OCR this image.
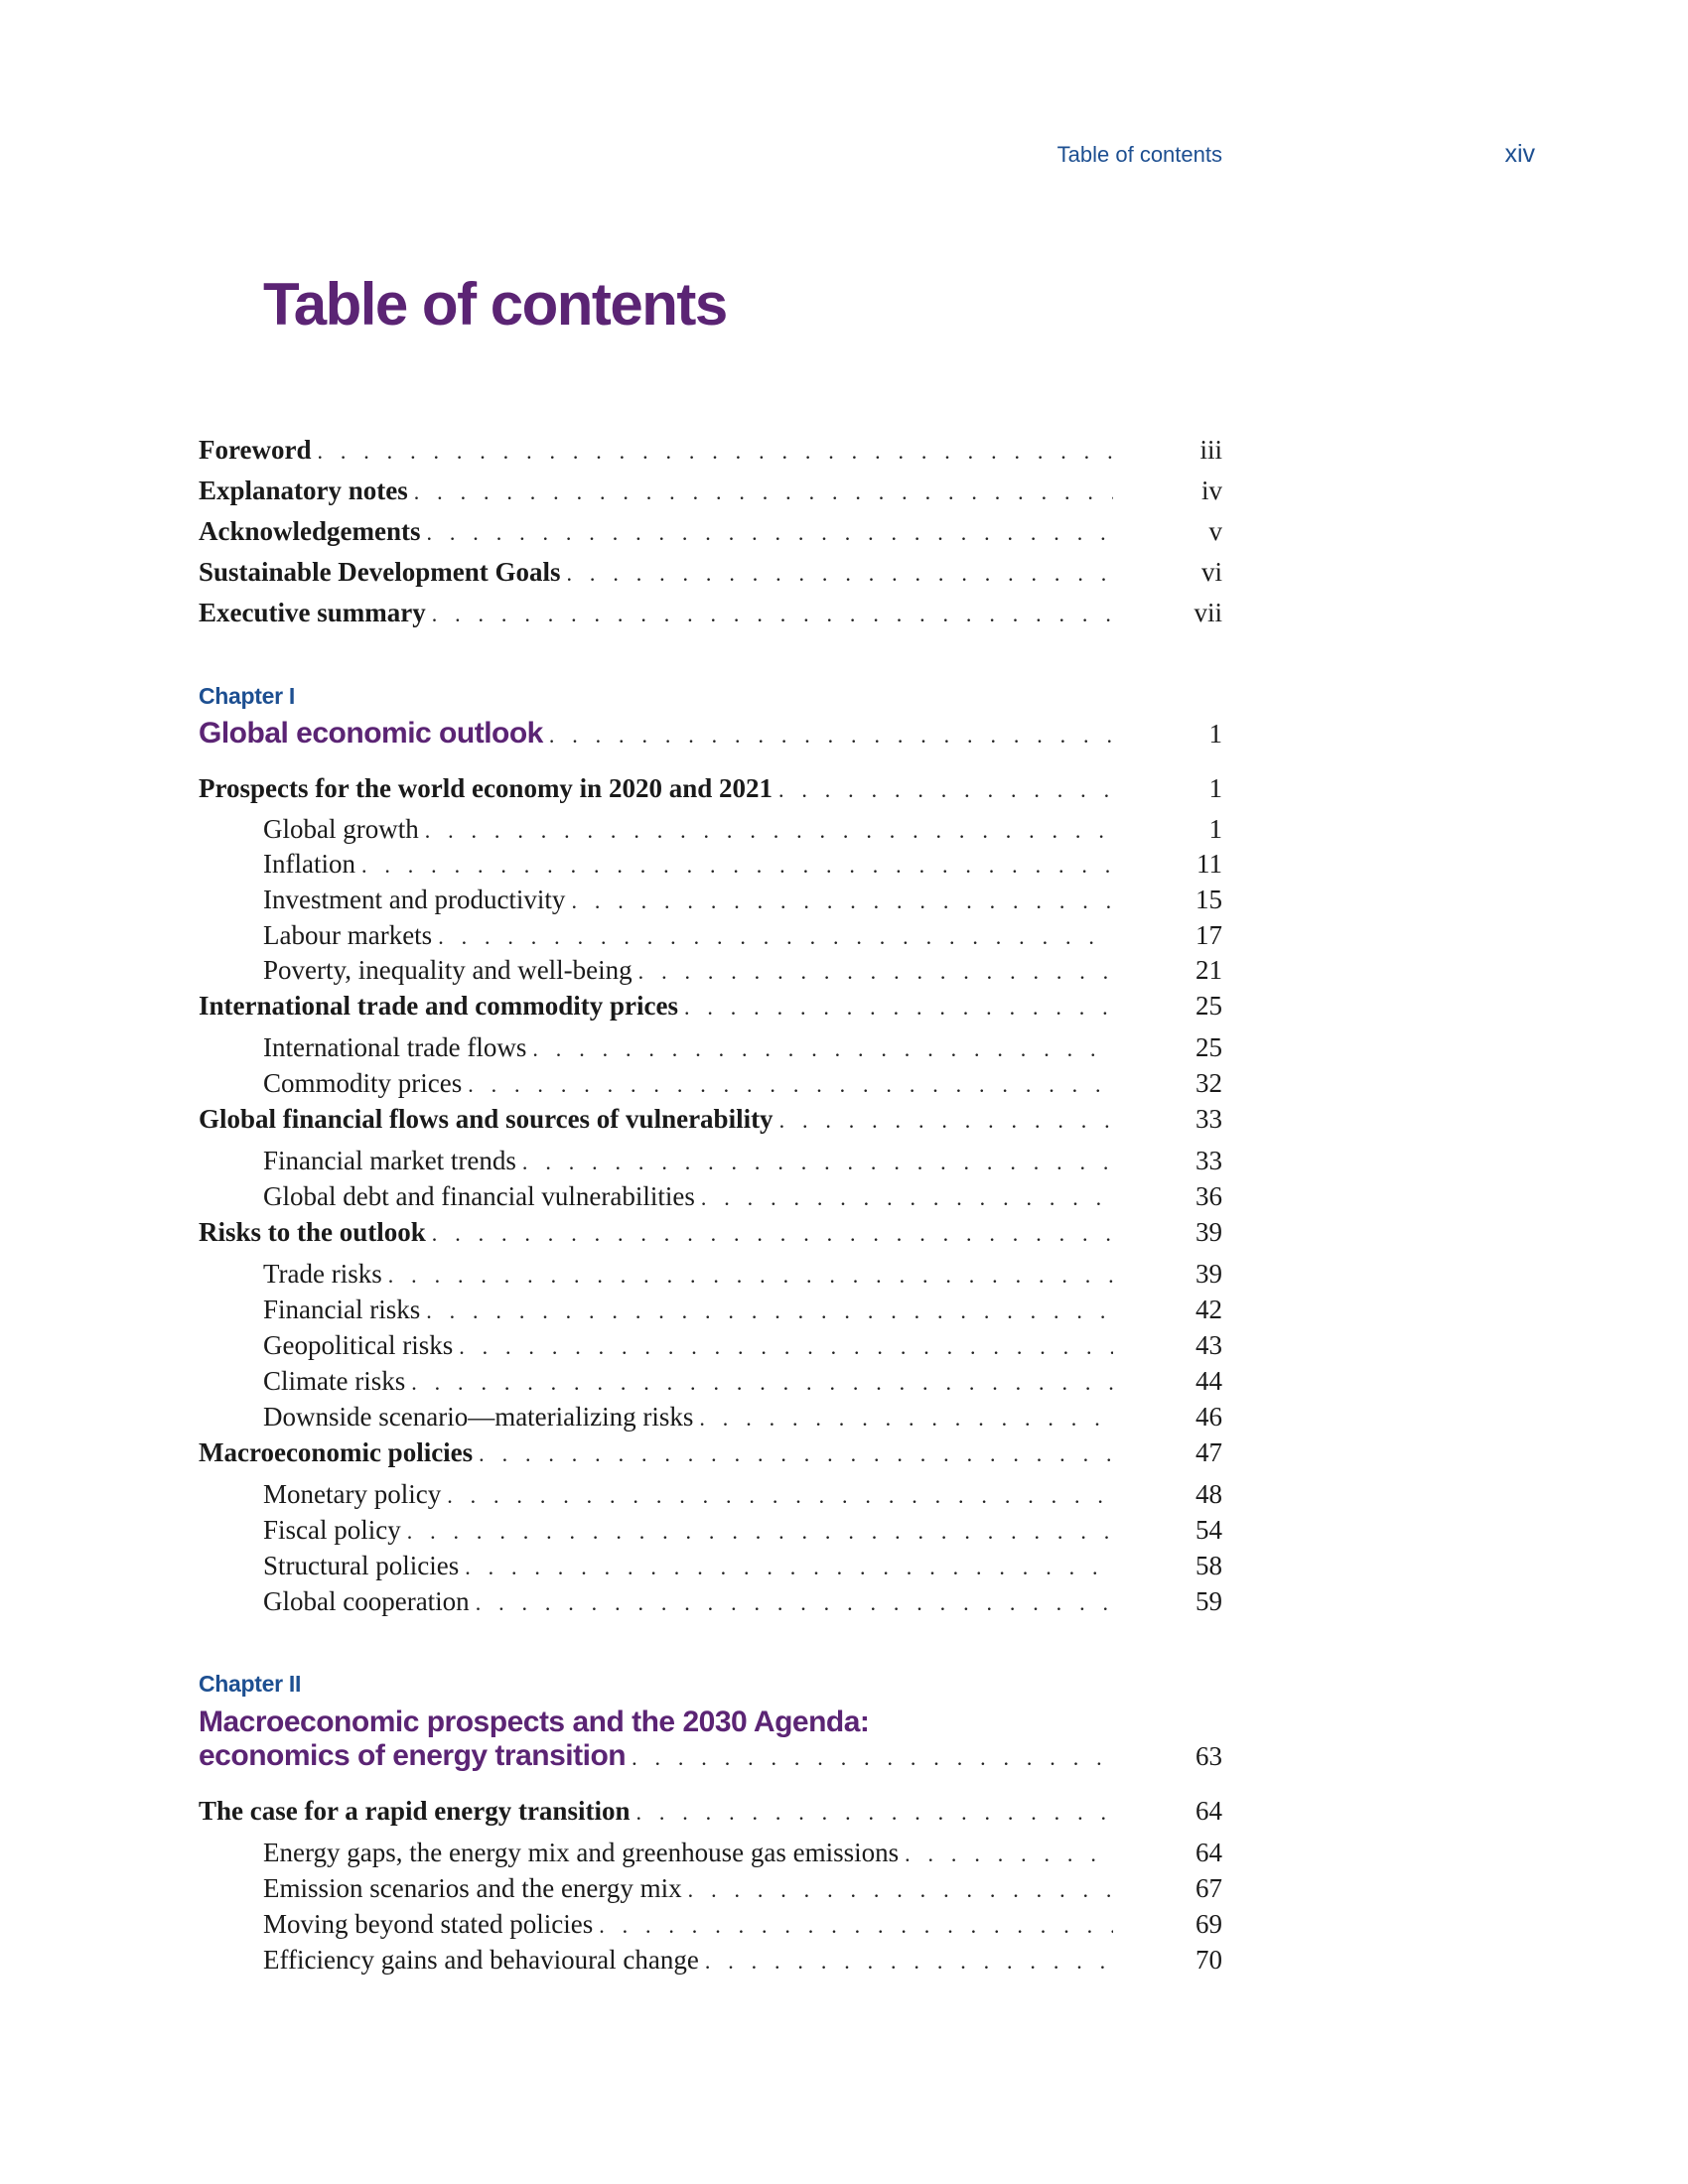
Table of contents	xiv
Table of contents
Foreword . . .	iii
Explanatory notes . . .	iv
Acknowledgements . . .	v
Sustainable Development Goals . . .	vi
Executive summary . . .	vii
Chapter I
Global economic outlook . . .	1
Prospects for the world economy in 2020 and 2021 . . .	1
Global growth . . .	1
Inflation . . .	11
Investment and productivity . . .	15
Labour markets . . .	17
Poverty, inequality and well-being . . .	21
International trade and commodity prices . . .	25
International trade flows . . .	25
Commodity prices . . .	32
Global financial flows and sources of vulnerability . . .	33
Financial market trends . . .	33
Global debt and financial vulnerabilities . . .	36
Risks to the outlook . . .	39
Trade risks . . .	39
Financial risks . . .	42
Geopolitical risks . . .	43
Climate risks . . .	44
Downside scenario—materializing risks . . .	46
Macroeconomic policies . . .	47
Monetary policy . . .	48
Fiscal policy . . .	54
Structural policies . . .	58
Global cooperation . . .	59
Chapter II
Macroeconomic prospects and the 2030 Agenda:
economics of energy transition . . .	63
The case for a rapid energy transition . . .	64
Energy gaps, the energy mix and greenhouse gas emissions . . .	64
Emission scenarios and the energy mix . . .	67
Moving beyond stated policies . . .	69
Efficiency gains and behavioural change . . .	70
